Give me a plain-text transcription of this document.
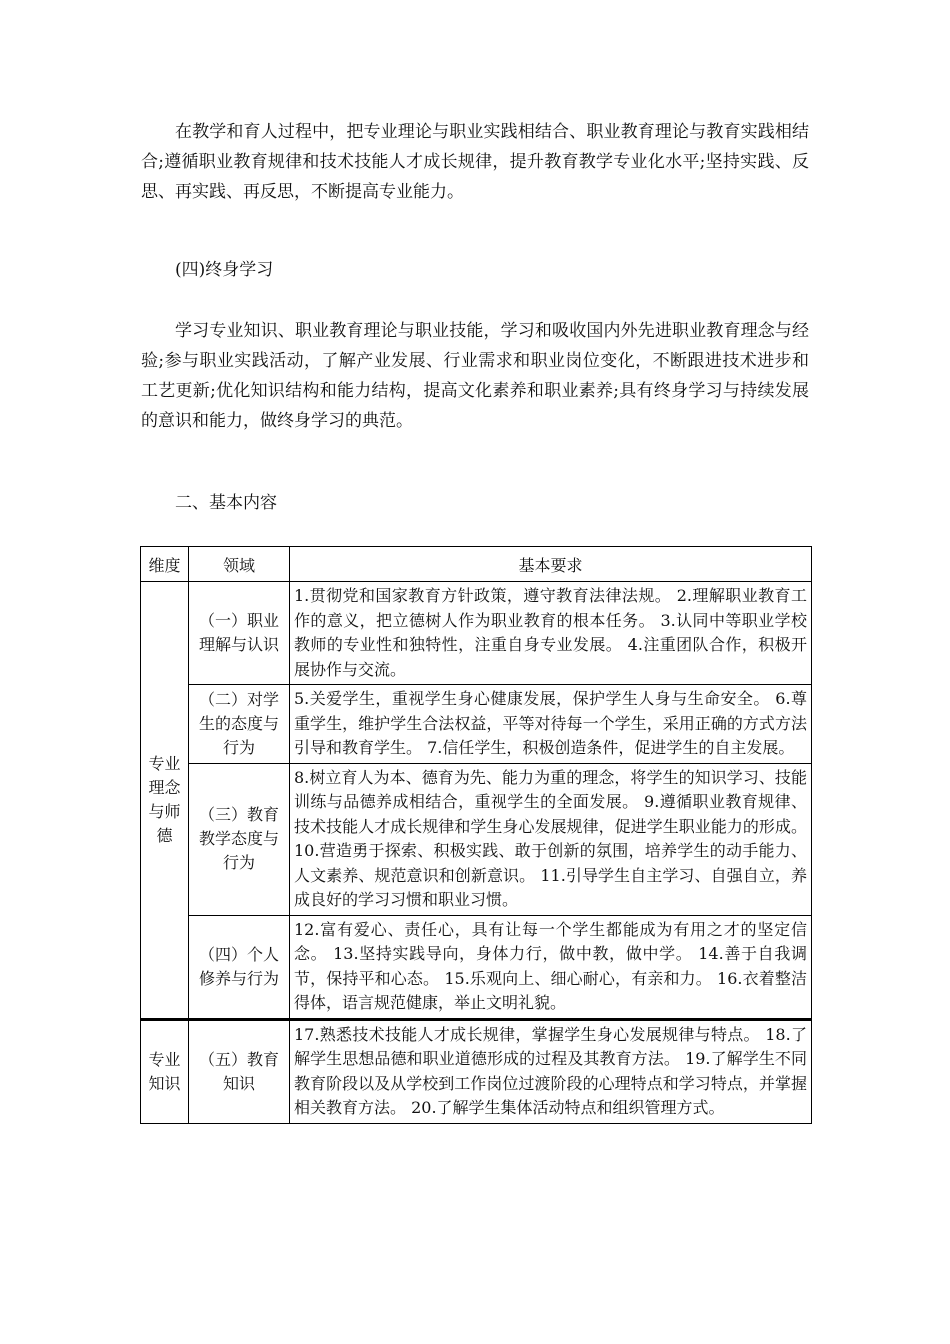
在教学和育人过程中，把专业理论与职业实践相结合、职业教育理论与教育实践相结合;遵循职业教育规律和技术技能人才成长规律，提升教育教学专业化水平;坚持实践、反思、再实践、再反思，不断提高专业能力。

(四)终身学习

学习专业知识、职业教育理论与职业技能，学习和吸收国内外先进职业教育理念与经验;参与职业实践活动，了解产业发展、行业需求和职业岗位变化，不断跟进技术进步和工艺更新;优化知识结构和能力结构，提高文化素养和职业素养;具有终身学习与持续发展的意识和能力，做终身学习的典范。

二、基本内容

维度	领域	基本要求
专业理念与师德	（一）职业理解与认识	1.贯彻党和国家教育方针政策，遵守教育法律法规。 2.理解职业教育工作的意义，把立德树人作为职业教育的根本任务。 3.认同中等职业学校教师的专业性和独特性，注重自身专业发展。 4.注重团队合作，积极开展协作与交流。
	（二）对学生的态度与行为	5.关爱学生，重视学生身心健康发展，保护学生人身与生命安全。 6.尊重学生，维护学生合法权益，平等对待每一个学生，采用正确的方式方法引导和教育学生。 7.信任学生，积极创造条件，促进学生的自主发展。
	（三）教育教学态度与行为	8.树立育人为本、德育为先、能力为重的理念，将学生的知识学习、技能训练与品德养成相结合，重视学生的全面发展。 9.遵循职业教育规律、技术技能人才成长规律和学生身心发展规律，促进学生职业能力的形成。 10.营造勇于探索、积极实践、敢于创新的氛围，培养学生的动手能力、人文素养、规范意识和创新意识。 11.引导学生自主学习、自强自立，养成良好的学习习惯和职业习惯。
	（四）个人修养与行为	12.富有爱心、责任心，具有让每一个学生都能成为有用之才的坚定信念。 13.坚持实践导向，身体力行，做中教，做中学。 14.善于自我调节，保持平和心态。 15.乐观向上、细心耐心，有亲和力。 16.衣着整洁得体，语言规范健康，举止文明礼貌。
专业知识	（五）教育知识	17.熟悉技术技能人才成长规律，掌握学生身心发展规律与特点。 18.了解学生思想品德和职业道德形成的过程及其教育方法。 19.了解学生不同教育阶段以及从学校到工作岗位过渡阶段的心理特点和学习特点，并掌握相关教育方法。 20.了解学生集体活动特点和组织管理方式。
